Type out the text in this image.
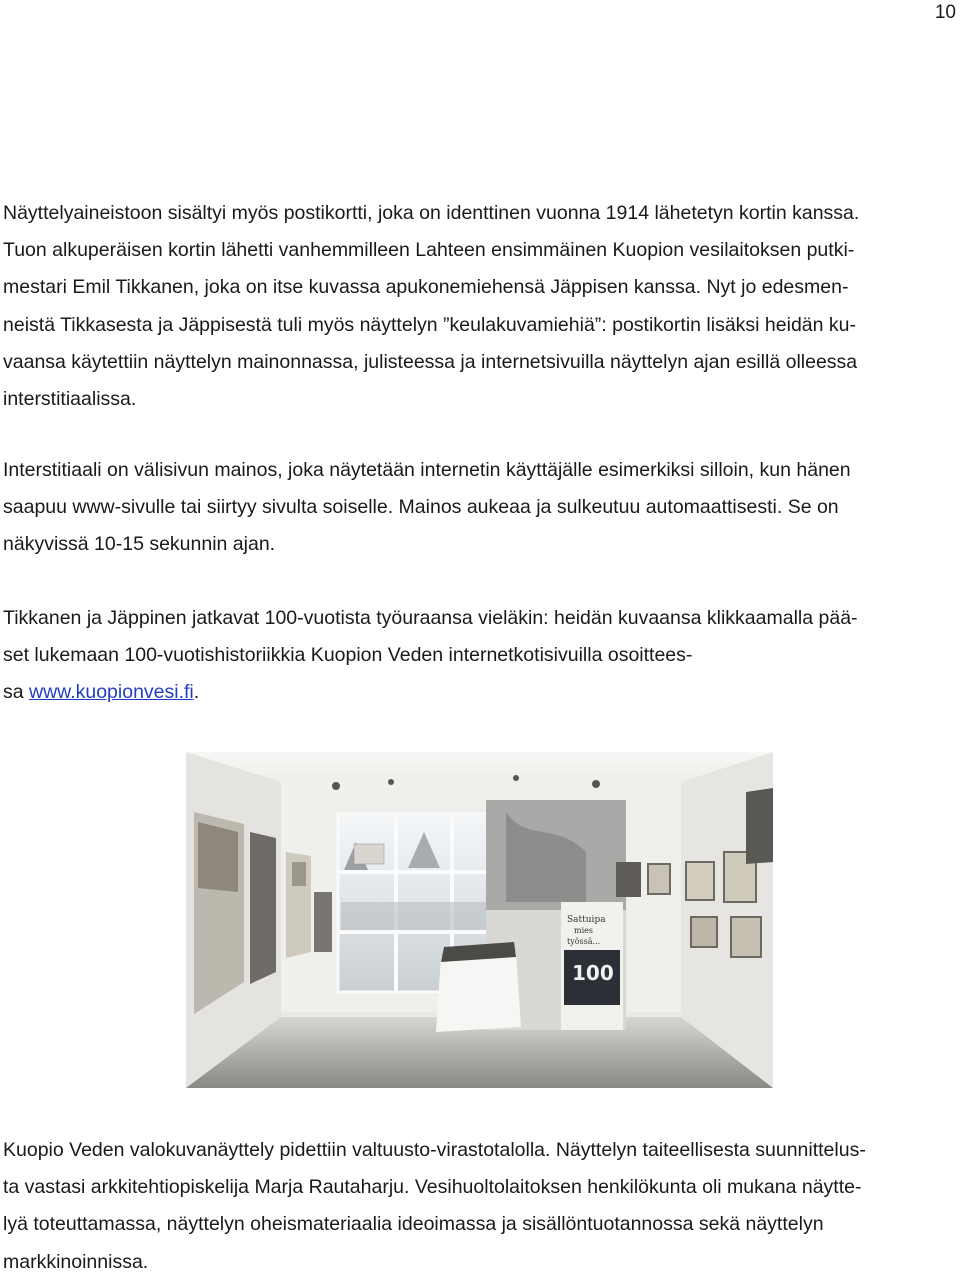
10
Näyttelyaineistoon sisältyi myös postikortti, joka on identtinen vuonna 1914 lähetetyn kortin kanssa.
Tuon alkuperäisen kortin lähetti vanhemmilleen Lahteen ensimmäinen Kuopion vesilaitoksen putki-
mestari Emil Tikkanen, joka on itse kuvassa apukonemiehensä Jäppisen kanssa. Nyt jo edesmen-
neistä Tikkasesta ja Jäppisestä tuli myös näyttelyn ”keulakuvamiehiä”: postikortin lisäksi heidän ku-
vaansa käytettiin näyttelyn mainonnassa, julisteessa ja internetsivuilla näyttelyn ajan esillä olleessa
interstitiaalissa.
Interstitiaali on välisivun mainos, joka näytetään internetin käyttäjälle esimerkiksi silloin, kun hänen
saapuu www-sivulle tai siirtyy sivulta soiselle. Mainos aukeaa ja sulkeutuu automaattisesti. Se on
näkyvissä 10-15 sekunnin ajan.
Tikkanen ja Jäppinen jatkavat 100-vuotista työuraansa vieläkin: heidän kuvaansa klikkaamalla pää-
set lukemaan 100-vuotishistoriikkia Kuopion Veden internetkotisivuilla osoittees-
sa www.kuopionvesi.fi.
Sattuipa
mies
työssä...
100
Kuopio Veden valokuvanäyttely pidettiin valtuusto-virastotalolla. Näyttelyn taiteellisesta suunnittelus-
ta vastasi arkkitehtiopiskelija Marja Rautaharju. Vesihuoltolaitoksen henkilökunta oli mukana näytte-
lyä toteuttamassa, näyttelyn oheismateriaalia ideoimassa ja sisällöntuotannossa sekä näyttelyn
markkinoinnissa.
